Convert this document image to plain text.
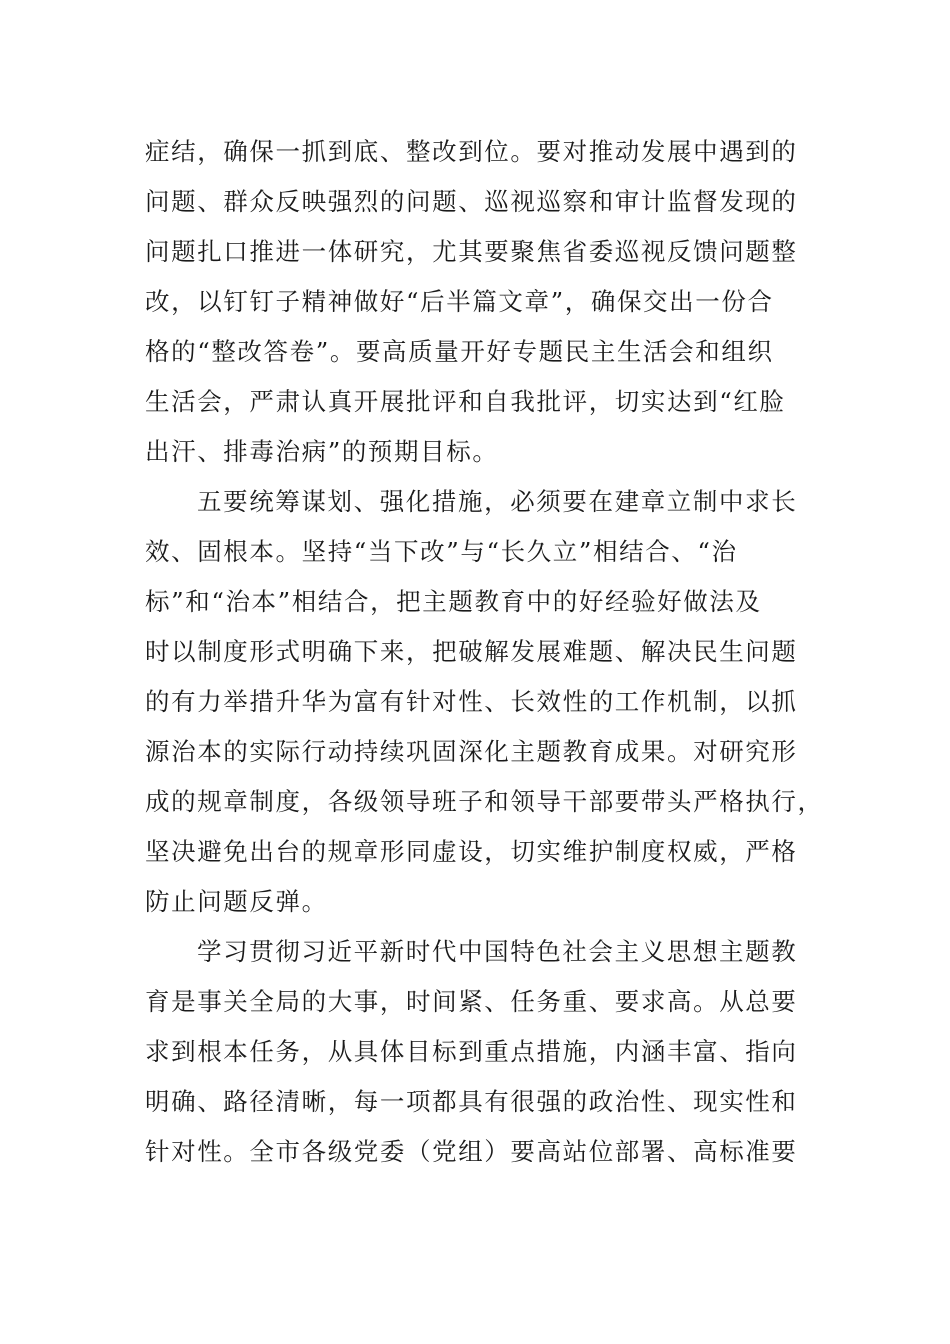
症结，确保一抓到底、整改到位。要对推动发展中遇到的
问题、群众反映强烈的问题、巡视巡察和审计监督发现的
问题扎口推进一体研究，尤其要聚焦省委巡视反馈问题整
改，以钉钉子精神做好“后半篇文章”，确保交出一份合
格的“整改答卷”。要高质量开好专题民主生活会和组织
生活会，严肃认真开展批评和自我批评，切实达到“红脸
出汗、排毒治病”的预期目标。
五要统筹谋划、强化措施，必须要在建章立制中求长
效、固根本。坚持“当下改”与“长久立”相结合、“治
标”和“治本”相结合，把主题教育中的好经验好做法及
时以制度形式明确下来，把破解发展难题、解决民生问题
的有力举措升华为富有针对性、长效性的工作机制，以抓
源治本的实际行动持续巩固深化主题教育成果。对研究形
成的规章制度，各级领导班子和领导干部要带头严格执行，
坚决避免出台的规章形同虚设，切实维护制度权威，严格
防止问题反弹。
学习贯彻习近平新时代中国特色社会主义思想主题教
育是事关全局的大事，时间紧、任务重、要求高。从总要
求到根本任务，从具体目标到重点措施，内涵丰富、指向
明确、路径清晰，每一项都具有很强的政治性、现实性和
针对性。全市各级党委（党组）要高站位部署、高标准要
